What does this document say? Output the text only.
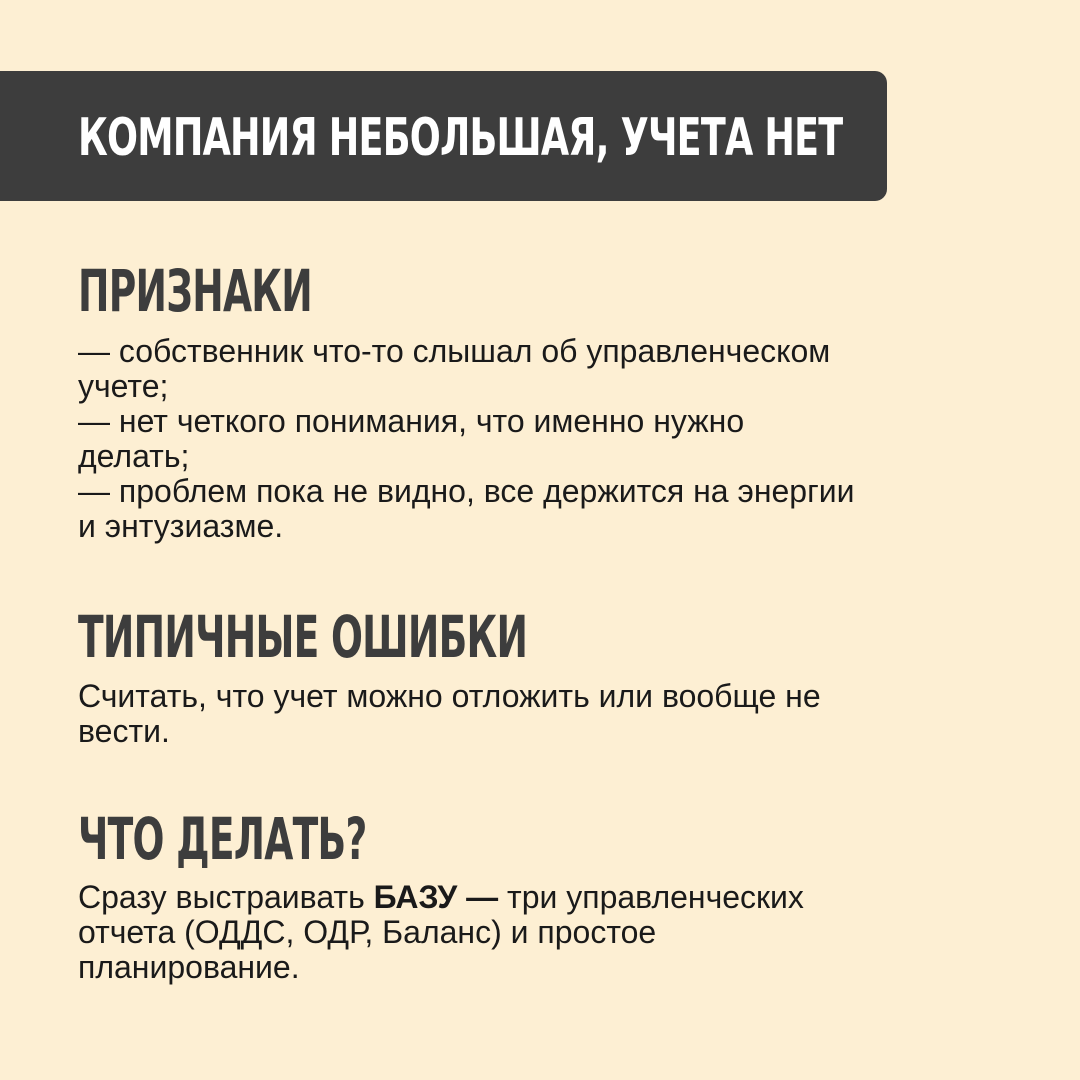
КОМПАНИЯ НЕБОЛЬШАЯ, УЧЕТА НЕТ
ПРИЗНАКИ

— собственник что-то слышал об управленческом
учете;
— нет четкого понимания, что именно нужно
делать;
— проблем пока не видно, все держится на энергии
и энтузиазме.

ТИПИЧНЫЕ ОШИБКИ

Считать, что учет можно отложить или вообще не
вести.

ЧТО ДЕЛАТЬ?

Сразу выстраивать БАЗУ — три управленческих
отчета (ОДДС, ОДР, Баланс) и простое
планирование.
